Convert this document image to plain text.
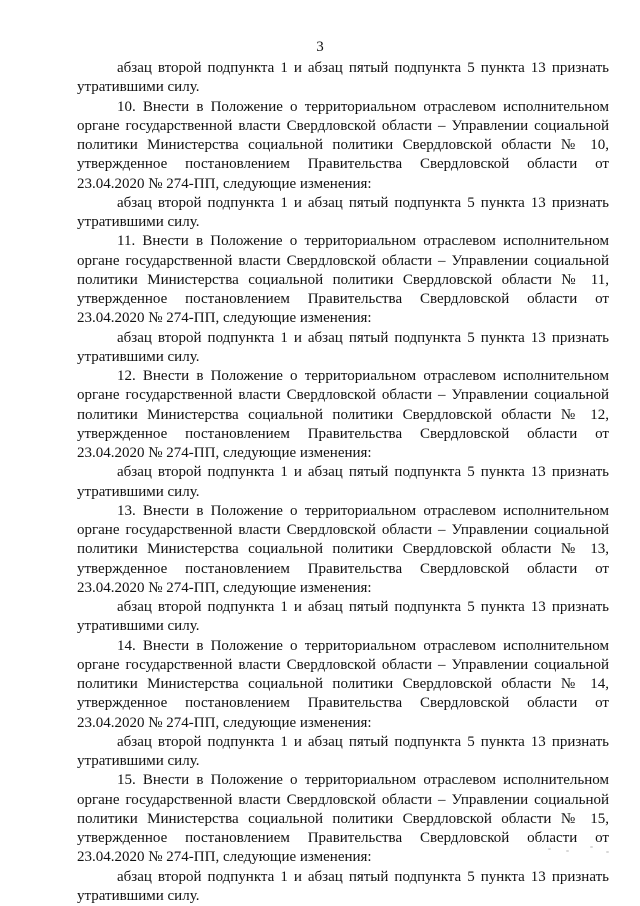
3

абзац второй подпункта 1 и абзац пятый подпункта 5 пункта 13 признать утратившими силу.

10. Внести в Положение о территориальном отраслевом исполнительном органе государственной власти Свердловской области – Управлении социальной политики Министерства социальной политики Свердловской области № 10, утвержденное постановлением Правительства Свердловской области от 23.04.2020 № 274-ПП, следующие изменения:

абзац второй подпункта 1 и абзац пятый подпункта 5 пункта 13 признать утратившими силу.

11. Внести в Положение о территориальном отраслевом исполнительном органе государственной власти Свердловской области – Управлении социальной политики Министерства социальной политики Свердловской области № 11, утвержденное постановлением Правительства Свердловской области от 23.04.2020 № 274-ПП, следующие изменения:

абзац второй подпункта 1 и абзац пятый подпункта 5 пункта 13 признать утратившими силу.

12. Внести в Положение о территориальном отраслевом исполнительном органе государственной власти Свердловской области – Управлении социальной политики Министерства социальной политики Свердловской области № 12, утвержденное постановлением Правительства Свердловской области от 23.04.2020 № 274-ПП, следующие изменения:

абзац второй подпункта 1 и абзац пятый подпункта 5 пункта 13 признать утратившими силу.

13. Внести в Положение о территориальном отраслевом исполнительном органе государственной власти Свердловской области – Управлении социальной политики Министерства социальной политики Свердловской области № 13, утвержденное постановлением Правительства Свердловской области от 23.04.2020 № 274-ПП, следующие изменения:

абзац второй подпункта 1 и абзац пятый подпункта 5 пункта 13 признать утратившими силу.

14. Внести в Положение о территориальном отраслевом исполнительном органе государственной власти Свердловской области – Управлении социальной политики Министерства социальной политики Свердловской области № 14, утвержденное постановлением Правительства Свердловской области от 23.04.2020 № 274-ПП, следующие изменения:

абзац второй подпункта 1 и абзац пятый подпункта 5 пункта 13 признать утратившими силу.

15. Внести в Положение о территориальном отраслевом исполнительном органе государственной власти Свердловской области – Управлении социальной политики Министерства социальной политики Свердловской области № 15, утвержденное постановлением Правительства Свердловской области от 23.04.2020 № 274-ПП, следующие изменения:

абзац второй подпункта 1 и абзац пятый подпункта 5 пункта 13 признать утратившими силу.
